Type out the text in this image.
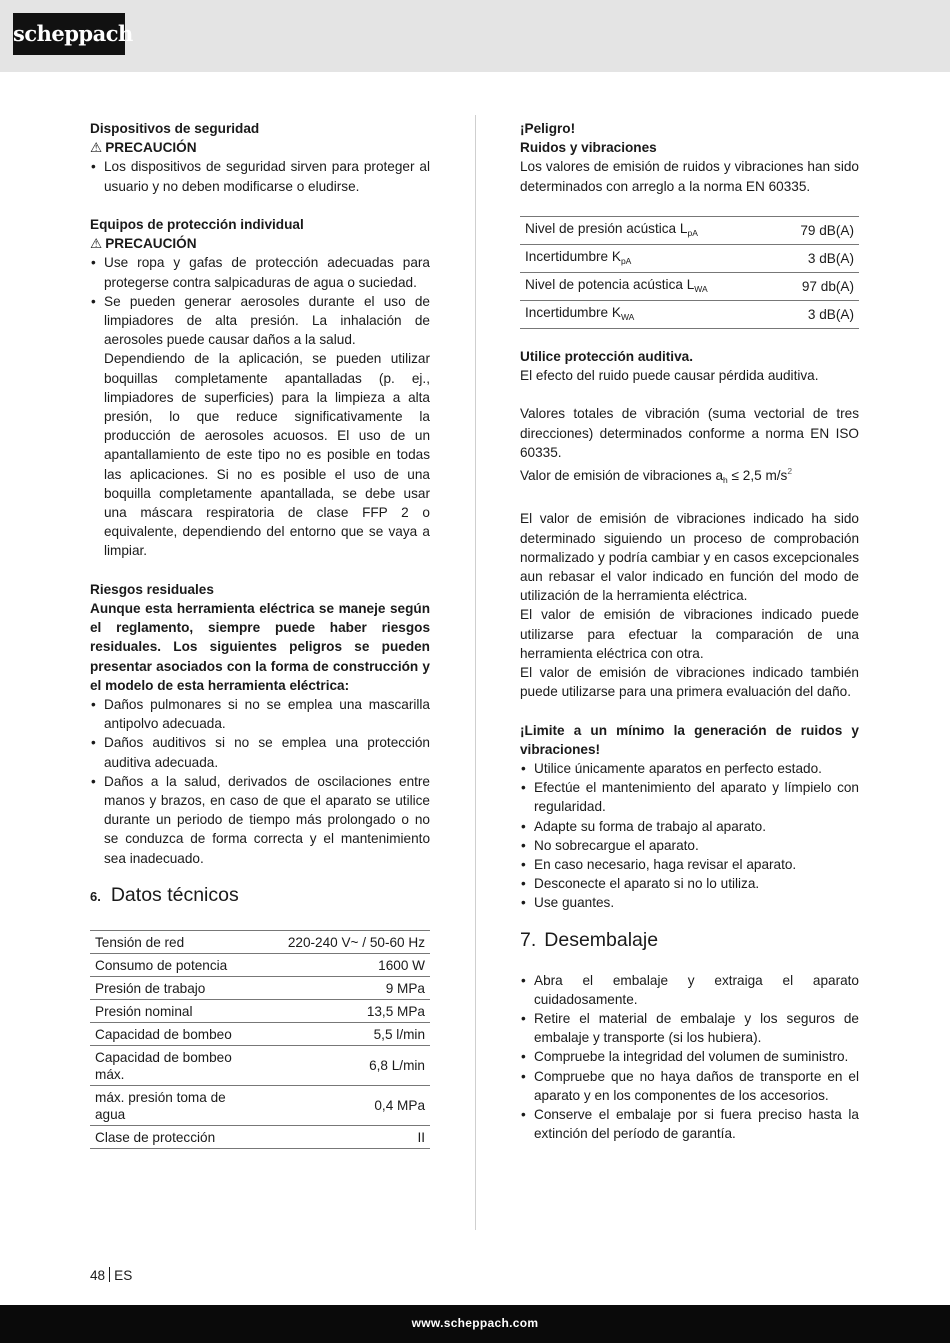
scheppach

Dispositivos de seguridad

⚠ PRECAUCIÓN

• Los dispositivos de seguridad sirven para proteger al usuario y no deben modificarse o eludirse.

Equipos de protección individual

⚠ PRECAUCIÓN

• Use ropa y gafas de protección adecuadas para protegerse contra salpicaduras de agua o suciedad.
• Se pueden generar aerosoles durante el uso de limpiadores de alta presión. La inhalación de aerosoles puede causar daños a la salud.
Dependiendo de la aplicación, se pueden utilizar boquillas completamente apantalladas (p. ej., limpiadores de superficies) para la limpieza a alta presión, lo que reduce significativamente la producción de aerosoles acuosos. El uso de un apantallamiento de este tipo no es posible en todas las aplicaciones. Si no es posible el uso de una boquilla completamente apantallada, se debe usar una máscara respiratoria de clase FFP 2 o equivalente, dependiendo del entorno que se vaya a limpiar.

Riesgos residuales

Aunque esta herramienta eléctrica se maneje según el reglamento, siempre puede haber riesgos residuales. Los siguientes peligros se pueden presentar asociados con la forma de construcción y el modelo de esta herramienta eléctrica:

• Daños pulmonares si no se emplea una mascarilla antipolvo adecuada.
• Daños auditivos si no se emplea una protección auditiva adecuada.
• Daños a la salud, derivados de oscilaciones entre manos y brazos, en caso de que el aparato se utilice durante un periodo de tiempo más prolongado o no se conduzca de forma correcta y el mantenimiento sea inadecuado.
6. Datos técnicos
Tensión de red	220-240 V~ / 50-60 Hz
Consumo de potencia	1600 W
Presión de trabajo	9 MPa
Presión nominal	13,5 MPa
Capacidad de bombeo	5,5 l/min
Capacidad de bombeo máx.	6,8 L/min
máx. presión toma de agua	0,4 MPa
Clase de protección	II

¡Peligro!

Ruidos y vibraciones

Los valores de emisión de ruidos y vibraciones han sido determinados con arreglo a la norma EN 60335.

Nivel de presión acústica $L_{pA}$	79 dB(A)
Incertidumbre $K_{pA}$	3 dB(A)
Nivel de potencia acústica $L_{WA}$	97 db(A)
Incertidumbre $K_{WA}$	3 dB(A)

Utilice protección auditiva.

El efecto del ruido puede causar pérdida auditiva.

Valores totales de vibración (suma vectorial de tres direcciones) determinados conforme a norma EN ISO 60335.

Valor de emisión de vibraciones $a_h \le 2,5$ $m/s^2$

El valor de emisión de vibraciones indicado ha sido determinado siguiendo un proceso de comprobación normalizado y podría cambiar y en casos excepcionales aun rebasar el valor indicado en función del modo de utilización de la herramienta eléctrica.

El valor de emisión de vibraciones indicado puede utilizarse para efectuar la comparación de una herramienta eléctrica con otra.

El valor de emisión de vibraciones indicado también puede utilizarse para una primera evaluación del daño.

¡Limite a un mínimo la generación de ruidos y vibraciones!

• Utilice únicamente aparatos en perfecto estado.
• Efectúe el mantenimiento del aparato y límpielo con regularidad.
• Adapte su forma de trabajo al aparato.
• No sobrecargue el aparato.
• En caso necesario, haga revisar el aparato.
• Desconecte el aparato si no lo utiliza.
• Use guantes.
7. Desembalaje
• Abra el embalaje y extraiga el aparato cuidadosamente.
• Retire el material de embalaje y los seguros de embalaje y transporte (si los hubiera).
• Compruebe la integridad del volumen de suministro.
• Compruebe que no haya daños de transporte en el aparato y en los componentes de los accesorios.
• Conserve el embalaje por si fuera preciso hasta la extinción del período de garantía.
48 ES
www.scheppach.com
